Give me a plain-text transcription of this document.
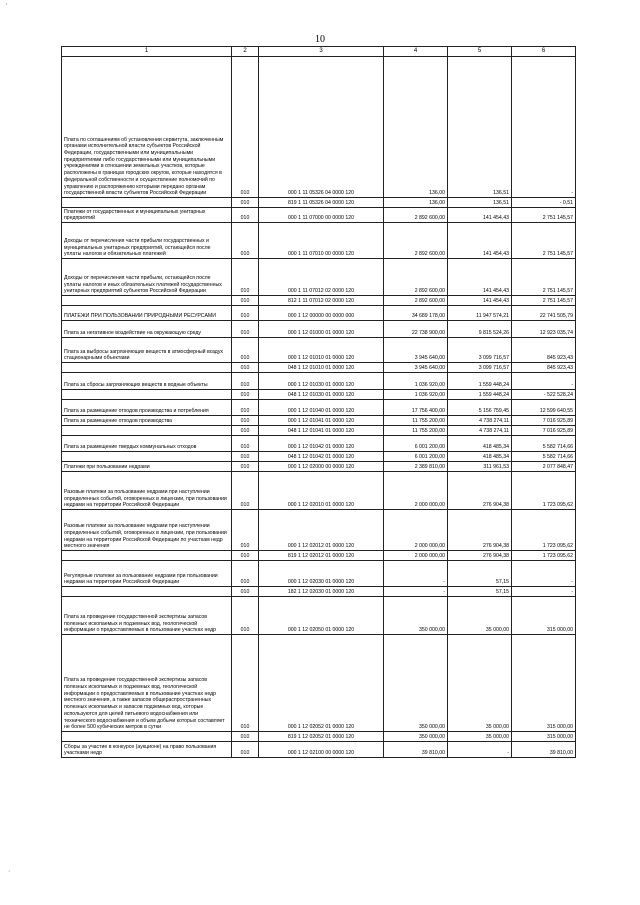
'
·
10
1	2	3	4	5	6
Плата по соглашениям об установлении сервитута, заключенным органами исполнительной власти субъектов Российской Федерации, государственными или муниципальными предприятиями либо государственными или муниципальными учреждениями в отношении земельных участков, которые расположены в границах городских округов, которые находятся в федеральной собственности и осуществление полномочий по управлению и распоряжению которыми передано органам государственной власти субъектов Российской Федерации	010	000 1 11 05326 04 0000 120	136,00	136,51	-
	010	819 1 11 05326 04 0000 120	136,00	136,51	- 0,51
Платежи от государственных и муниципальных унитарных предприятий	010	000 1 11 07000 00 0000 120	2 892 600,00	141 454,43	2 751 145,57
Доходы от перечисления части прибыли государственных и муниципальных унитарных предприятий, остающейся после уплаты налогов и обязательных платежей	010	000 1 11 07010 00 0000 120	2 892 600,00	141 454,43	2 751 145,57
Доходы от перечисления части прибыли, остающейся после уплаты налогов и иных обязательных платежей государственных унитарных предприятий субъектов Российской Федерации	010	000 1 11 07012 02 0000 120	2 892 600,00	141 454,43	2 751 145,57
	010	812 1 11 07012 02 0000 120	2 892 600,00	141 454,43	2 751 145,57
ПЛАТЕЖИ ПРИ ПОЛЬЗОВАНИИ ПРИРОДНЫМИ РЕСУРСАМИ	010	000 1 12 00000 00 0000 000	34 689 178,00	11 947 574,21	22 741 505,79
Плата за негативное воздействие на окружающую среду	010	000 1 12 01000 01 0000 120	22 738 900,00	9 815 524,26	12 923 035,74
Плата за выбросы загрязняющих веществ в атмосферный воздух стационарными объектами	010	000 1 12 01010 01 0000 120	3 945 640,00	3 099 716,57	845 923,43
	010	048 1 12 01010 01 0000 120	3 945 640,00	3 099 716,57	845 923,43
Плата за сбросы загрязняющих веществ в водные объекты	010	000 1 12 01030 01 0000 120	1 036 920,00	1 559 448,24	-
	010	048 1 12 01030 01 0000 120	1 036 920,00	1 559 448,24	- 522 528,24
Плата за размещение отходов производства и потребления	010	000 1 12 01040 01 0000 120	17 756 400,00	5 156 759,45	12 599 640,55
Плата за размещение отходов производства	010	000 1 12 01041 01 0000 120	11 755 200,00	4 738 274,11	7 016 925,89
	010	048 1 12 01041 01 0000 120	11 755 200,00	4 738 274,11	7 016 925,89
Плата за размещение твердых коммунальных отходов	010	000 1 12 01042 01 0000 120	6 001 200,00	418 485,34	5 582 714,66
	010	048 1 12 01042 01 0000 120	6 001 200,00	418 485,34	5 582 714,66
Платежи при пользовании недрами	010	000 1 12 02000 00 0000 120	2 389 810,00	311 961,53	2 077 848,47
Разовые платежи за пользование недрами при наступлении определенных событий, оговоренных в лицензии, при пользовании недрами на территории Российской Федерации	010	000 1 12 02010 01 0000 120	2 000 000,00	276 904,38	1 723 095,62
Разовые платежи за пользование недрами при наступлении определенных событий, оговоренных в лицензии, при пользовании недрами на территории Российской Федерации по участкам недр местного значения	010	000 1 12 02012 01 0000 120	2 000 000,00	276 904,38	1 723 095,62
	010	819 1 12 02012 01 0000 120	2 000 000,00	276 904,38	1 723 095,62
Регулярные платежи за пользование недрами при пользовании недрами на территории Российской Федерации	010	000 1 12 02030 01 0000 120	-	57,15	-
	010	182 1 12 02030 01 0000 120	-	57,15	-
Плата за проведение государственной экспертизы запасов полезных ископаемых и подземных вод, геологической информации о предоставляемых в пользование участках недр	010	000 1 12 02050 01 0000 120	350 000,00	35 000,00	315 000,00
Плата за проведение государственной экспертизы запасов полезных ископаемых и подземных вод, геологической информации о предоставляемых в пользование участках недр местного значения, а также запасов общераспространенных полезных ископаемых и запасов подземных вод, которые используются для целей питьевого водоснабжения или технического водоснабжения и объем добычи которых составляет не более 500 кубических метров в сутки	010	000 1 12 02052 01 0000 120	350 000,00	35 000,00	315 000,00
	010	819 1 12 02052 01 0000 120	350 000,00	35 000,00	315 000,00
Сборы за участие в конкурсе (аукционе) на право пользования участками недр	010	000 1 12 02100 00 0000 120	39 810,00	-	39 810,00
